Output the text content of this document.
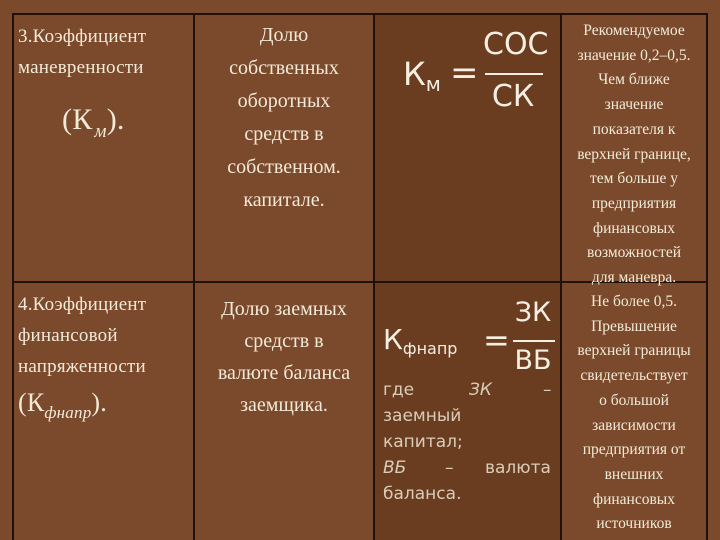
3.Коэффициент
маневренности
(К $_м$).
Долю
собственных
оборотных
средств в
собственном.
капитале.
Км =
СОС
СК
Рекомендуемое
значение 0,2–0,5.
Чем ближе
значение
показателя к
верхней границе,
тем больше у
предприятия
финансовых
возможностей
для маневра.
4.Коэффициент
финансовой
напряженности
$(К_{фнапр})$.
Долю заемных
средств в
валюте баланса
заемщика.
Кфнапр =
ЗК
ВБ
где	ЗК	–
заемный
капитал;
ВБ – валюта
баланса.
Не более 0,5.
Превышение
верхней границы
свидетельствует
о большой
зависимости
предприятия от
внешних
финансовых
источников
